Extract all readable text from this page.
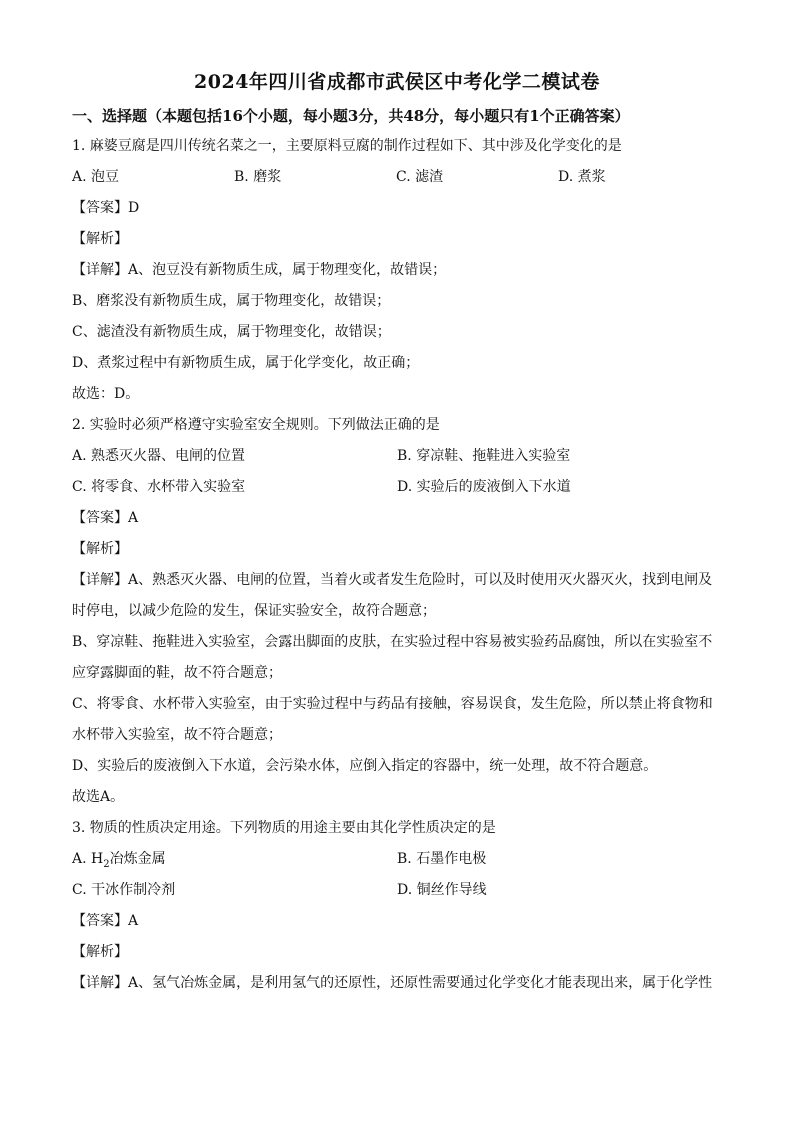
2024年四川省成都市武侯区中考化学二模试卷
一、选择题（本题包括16个小题，每小题3分，共48分，每小题只有1个正确答案）
1. 麻婆豆腐是四川传统名菜之一，主要原料豆腐的制作过程如下、其中涉及化学变化的是
A. 泡豆	B. 磨浆	C. 滤渣	D. 煮浆
【答案】D
【解析】
【详解】A、泡豆没有新物质生成，属于物理变化，故错误；
B、磨浆没有新物质生成，属于物理变化，故错误；
C、滤渣没有新物质生成，属于物理变化，故错误；
D、煮浆过程中有新物质生成，属于化学变化，故正确；
故选：D。
2. 实验时必须严格遵守实验室安全规则。下列做法正确的是
A. 熟悉灭火器、电闸的位置	B. 穿凉鞋、拖鞋进入实验室
C. 将零食、水杯带入实验室	D. 实验后的废液倒入下水道
【答案】A
【解析】
【详解】A、熟悉灭火器、电闸的位置，当着火或者发生危险时，可以及时使用灭火器灭火，找到电闸及
时停电，以减少危险的发生，保证实验安全，故符合题意；
B、穿凉鞋、拖鞋进入实验室，会露出脚面的皮肤，在实验过程中容易被实验药品腐蚀，所以在实验室不
应穿露脚面的鞋，故不符合题意；
C、将零食、水杯带入实验室，由于实验过程中与药品有接触，容易误食，发生危险，所以禁止将食物和
水杯带入实验室，故不符合题意；
D、实验后的废液倒入下水道，会污染水体，应倒入指定的容器中，统一处理，故不符合题意。
故选A。
3. 物质的性质决定用途。下列物质的用途主要由其化学性质决定的是
A. $H_2$冶炼金属	B. 石墨作电极
C. 干冰作制冷剂	D. 铜丝作导线
【答案】A
【解析】
【详解】A、氢气冶炼金属，是利用氢气的还原性，还原性需要通过化学变化才能表现出来，属于化学性
